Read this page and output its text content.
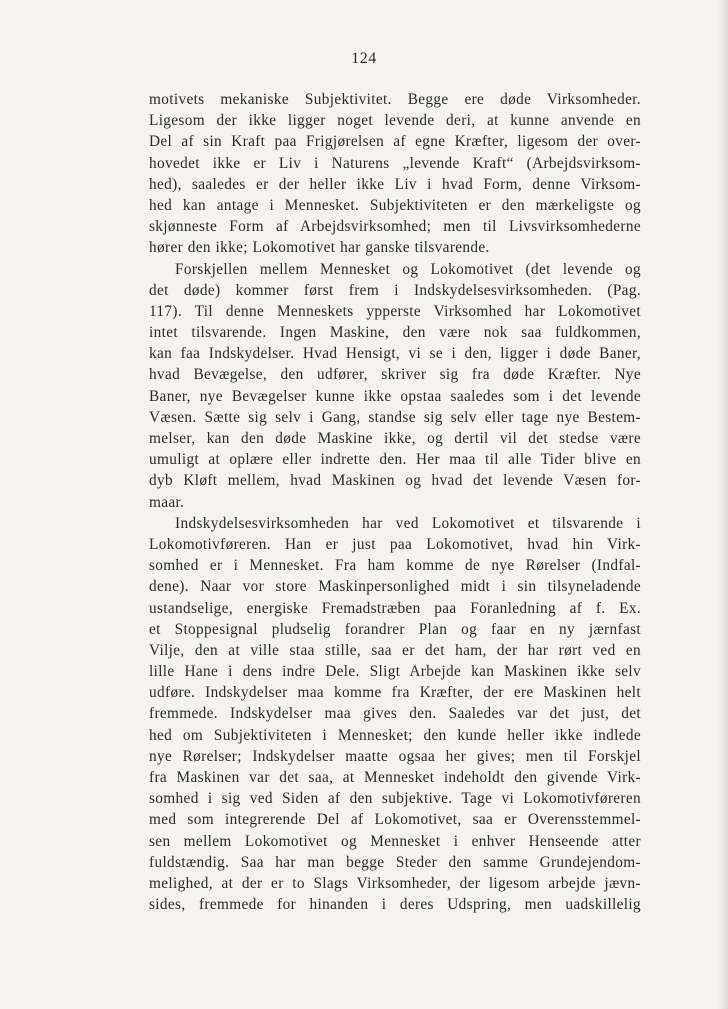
124
motivets mekaniske Subjektivitet. Begge ere døde Virksomheder.
Ligesom der ikke ligger noget levende deri, at kunne anvende en
Del af sin Kraft paa Frigjørelsen af egne Kræfter, ligesom der over-
hovedet ikke er Liv i Naturens „levende Kraft“ (Arbejdsvirksom-
hed), saaledes er der heller ikke Liv i hvad Form, denne Virksom-
hed kan antage i Mennesket. Subjektiviteten er den mærkeligste og
skjønneste Form af Arbejdsvirksomhed; men til Livsvirksomhederne
hører den ikke; Lokomotivet har ganske tilsvarende.
Forskjellen mellem Mennesket og Lokomotivet (det levende og
det døde) kommer først frem i Indskydelsesvirksomheden. (Pag.
117). Til denne Menneskets ypperste Virksomhed har Lokomotivet
intet tilsvarende. Ingen Maskine, den være nok saa fuldkommen,
kan faa Indskydelser. Hvad Hensigt, vi se i den, ligger i døde Baner,
hvad Bevægelse, den udfører, skriver sig fra døde Kræfter. Nye
Baner, nye Bevægelser kunne ikke opstaa saaledes som i det levende
Væsen. Sætte sig selv i Gang, standse sig selv eller tage nye Bestem-
melser, kan den døde Maskine ikke, og dertil vil det stedse være
umuligt at oplære eller indrette den. Her maa til alle Tider blive en
dyb Kløft mellem, hvad Maskinen og hvad det levende Væsen for-
maar.
Indskydelsesvirksomheden har ved Lokomotivet et tilsvarende i
Lokomotivføreren. Han er just paa Lokomotivet, hvad hin Virk-
somhed er i Mennesket. Fra ham komme de nye Rørelser (Indfal-
dene). Naar vor store Maskinpersonlighed midt i sin tilsyneladende
ustandselige, energiske Fremadstræben paa Foranledning af f. Ex.
et Stoppesignal pludselig forandrer Plan og faar en ny jærnfast
Vilje, den at ville staa stille, saa er det ham, der har rørt ved en
lille Hane i dens indre Dele. Sligt Arbejde kan Maskinen ikke selv
udføre. Indskydelser maa komme fra Kræfter, der ere Maskinen helt
fremmede. Indskydelser maa gives den. Saaledes var det just, det
hed om Subjektiviteten i Mennesket; den kunde heller ikke indlede
nye Rørelser; Indskydelser maatte ogsaa her gives; men til Forskjel
fra Maskinen var det saa, at Mennesket indeholdt den givende Virk-
somhed i sig ved Siden af den subjektive. Tage vi Lokomotivføreren
med som integrerende Del af Lokomotivet, saa er Overensstemmel-
sen mellem Lokomotivet og Mennesket i enhver Henseende atter
fuldstændig. Saa har man begge Steder den samme Grundejendom-
melighed, at der er to Slags Virksomheder, der ligesom arbejde jævn-
sides, fremmede for hinanden i deres Udspring, men uadskillelig
